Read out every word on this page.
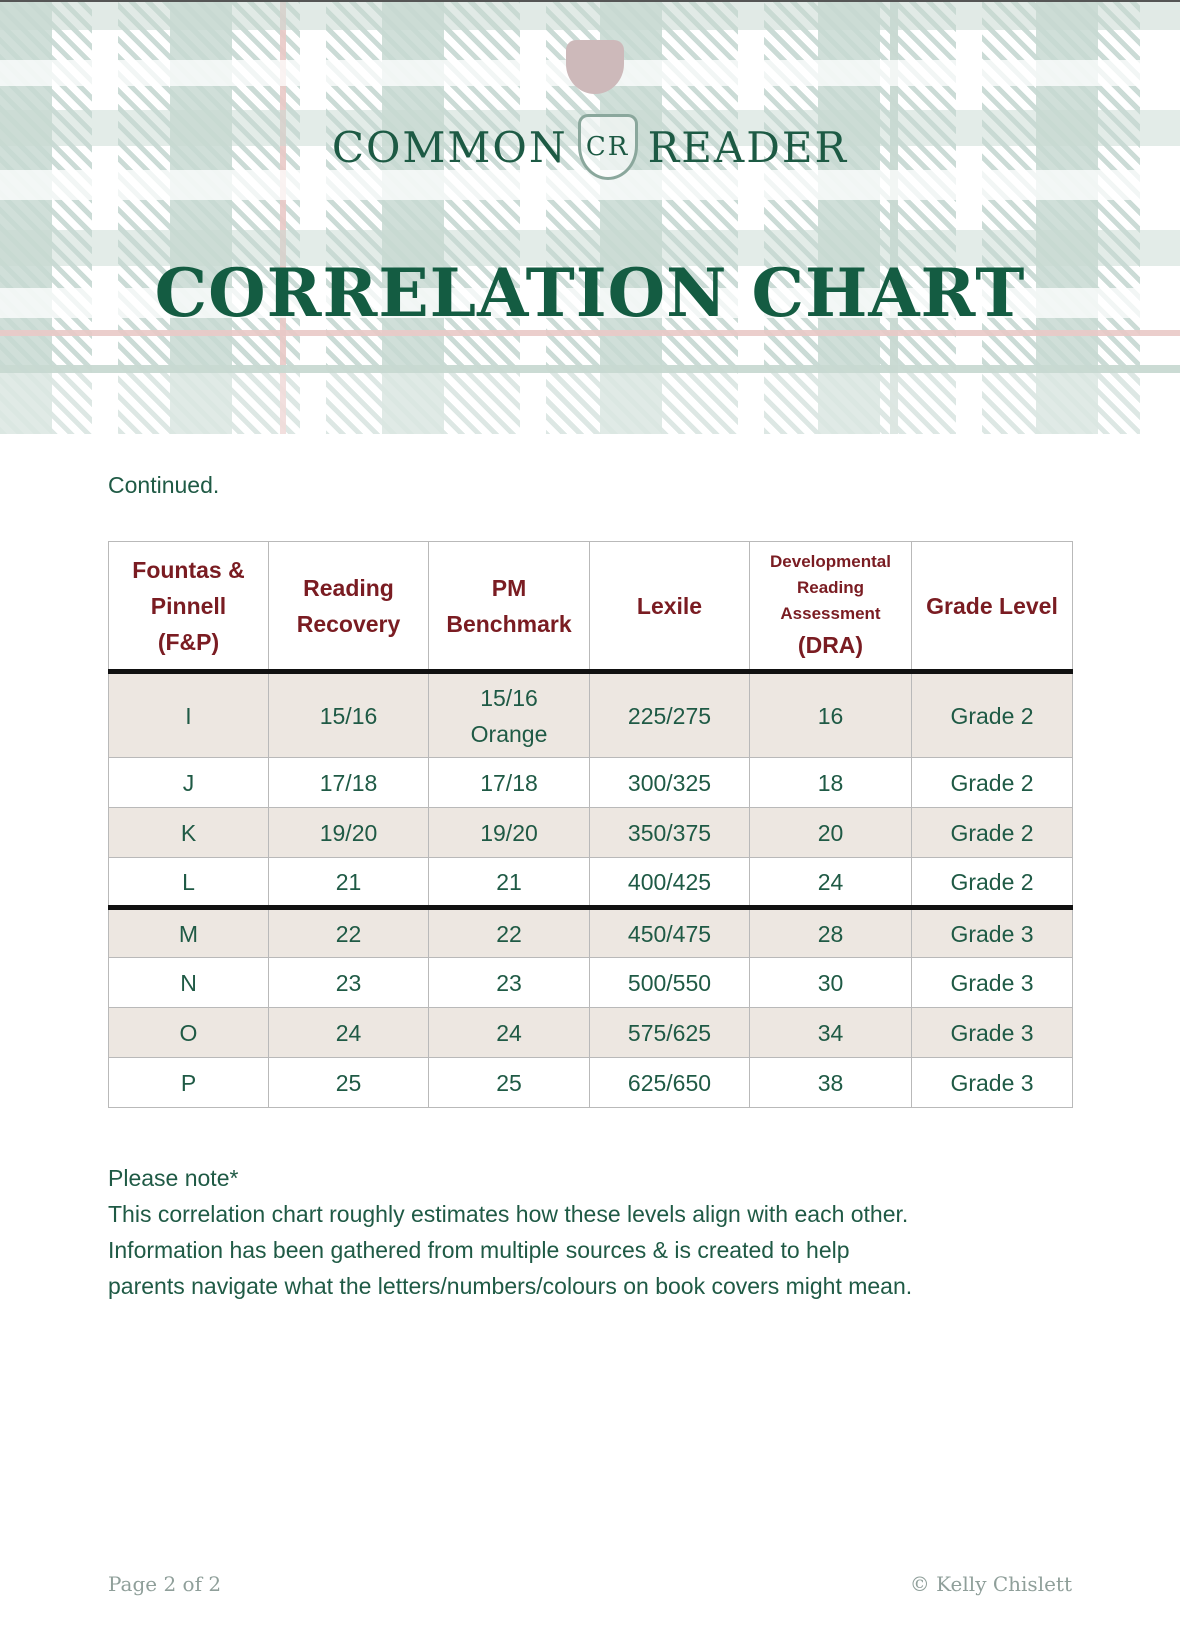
COMMON CR READER
CORRELATION CHART
Continued.
Fountas &
Pinnell
(F&P)	Reading
Recovery	PM
Benchmark	Lexile	Developmental
Reading
Assessment
(DRA)	Grade Level
I	15/16	15/16
Orange	225/275	16	Grade 2
J	17/18	17/18	300/325	18	Grade 2
K	19/20	19/20	350/375	20	Grade 2
L	21	21	400/425	24	Grade 2
M	22	22	450/475	28	Grade 3
N	23	23	500/550	30	Grade 3
O	24	24	575/625	34	Grade 3
P	25	25	625/650	38	Grade 3
Please note*
This correlation chart roughly estimates how these levels align with each other.
Information has been gathered from multiple sources & is created to help
parents navigate what the letters/numbers/colours on book covers might mean.
Page 2 of 2	© Kelly Chislett
